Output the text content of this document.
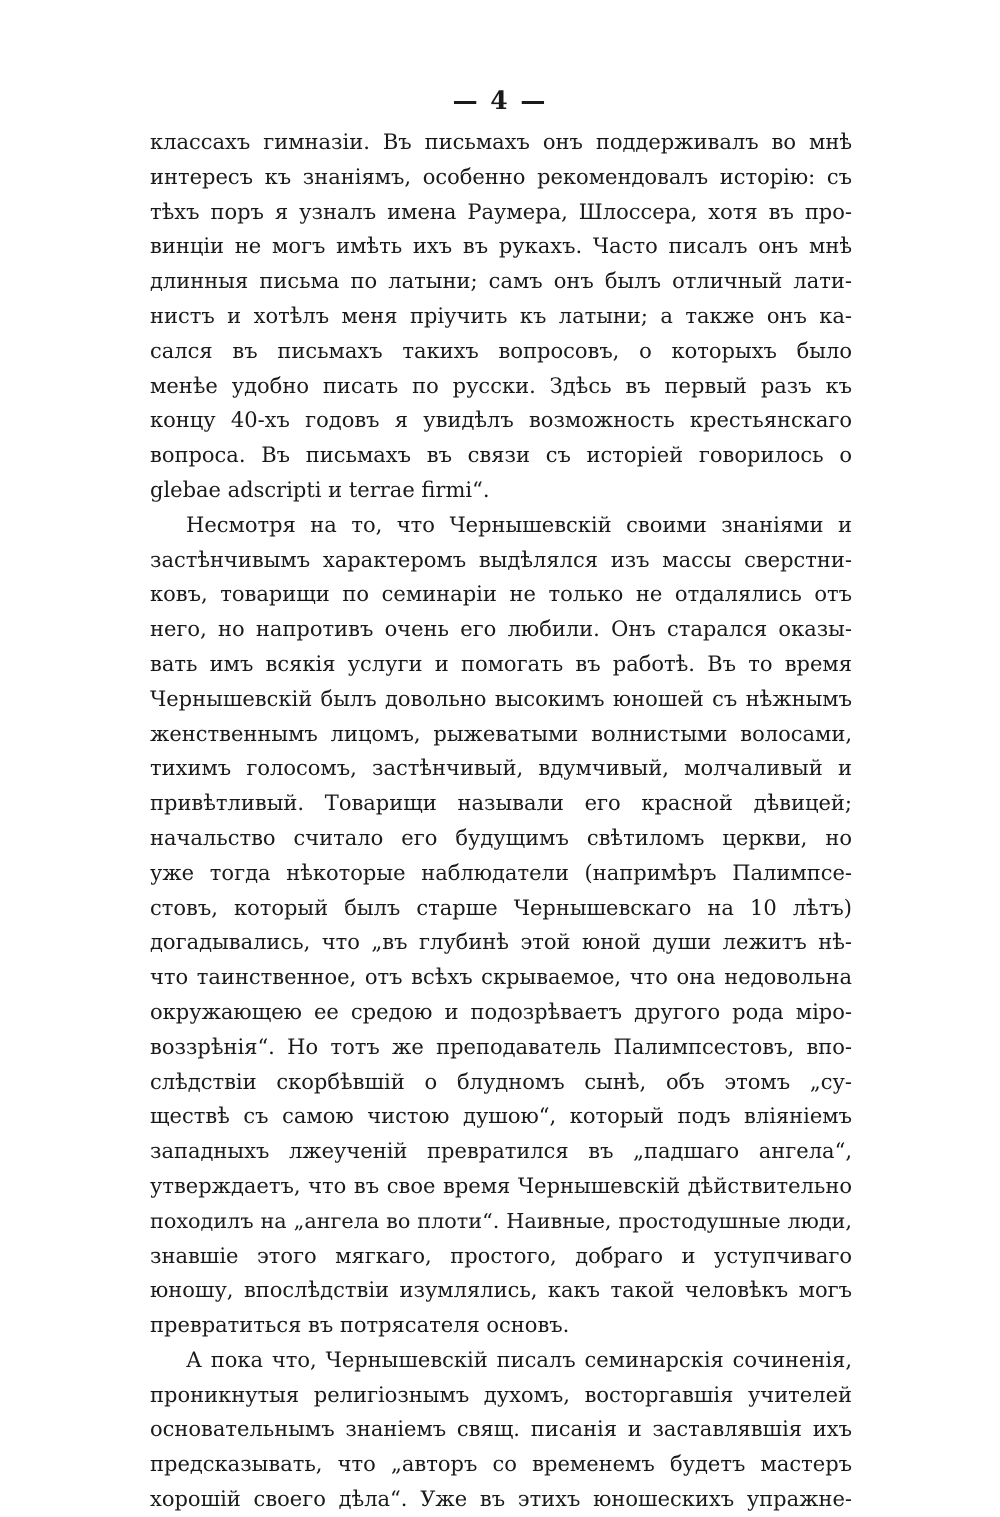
— 4 —
классахъ гимназіи. Въ письмахъ онъ поддерживалъ во мнѣ
интересъ къ знаніямъ, особенно рекомендовалъ исторію: съ
тѣхъ поръ я узналъ имена Раумера, Шлоссера, хотя въ про-
винціи не могъ имѣть ихъ въ рукахъ. Часто писалъ онъ мнѣ
длинныя письма по латыни; самъ онъ былъ отличный лати-
нистъ и хотѣлъ меня пріучить къ латыни; а также онъ ка-
сался въ письмахъ такихъ вопросовъ, о которыхъ было
менѣе удобно писать по русски. Здѣсь въ первый разъ къ
концу 40-хъ годовъ я увидѣлъ возможность крестьянскаго
вопроса. Въ письмахъ въ связи съ исторіей говорилось о
glebae adscripti и terrae firmi“.
Несмотря на то, что Чернышевскій своими знаніями и
застѣнчивымъ характеромъ выдѣлялся изъ массы сверстни-
ковъ, товарищи по семинаріи не только не отдалялись отъ
него, но напротивъ очень его любили. Онъ старался оказы-
вать имъ всякія услуги и помогать въ работѣ. Въ то время
Чернышевскій былъ довольно высокимъ юношей съ нѣжнымъ
женственнымъ лицомъ, рыжеватыми волнистыми волосами,
тихимъ голосомъ, застѣнчивый, вдумчивый, молчаливый и
привѣтливый. Товарищи называли его красной дѣвицей;
начальство считало его будущимъ свѣтиломъ церкви, но
уже тогда нѣкоторые наблюдатели (напримѣръ Палимпсе-
стовъ, который былъ старше Чернышевскаго на 10 лѣтъ)
догадывались, что „въ глубинѣ этой юной души лежитъ нѣ-
что таинственное, отъ всѣхъ скрываемое, что она недовольна
окружающею ее средою и подозрѣваетъ другого рода міро-
воззрѣнія“. Но тотъ же преподаватель Палимпсестовъ, впо-
слѣдствіи скорбѣвшій о блудномъ сынѣ, объ этомъ „су-
ществѣ съ самою чистою душою“, который подъ вліяніемъ
западныхъ лжеученій превратился въ „падшаго ангела“,
утверждаетъ, что въ свое время Чернышевскій дѣйствительно
походилъ на „ангела во плоти“. Наивные, простодушные люди,
знавшіе этого мягкаго, простого, добраго и уступчиваго
юношу, впослѣдствіи изумлялись, какъ такой человѣкъ могъ
превратиться въ потрясателя основъ.
А пока что, Чернышевскій писалъ семинарскія сочиненія,
проникнутыя религіознымъ духомъ, восторгавшія учителей
основательнымъ знаніемъ свящ. писанія и заставлявшія ихъ
предсказывать, что „авторъ со временемъ будетъ мастеръ
хорошій своего дѣла“. Уже въ этихъ юношескихъ упражне-
